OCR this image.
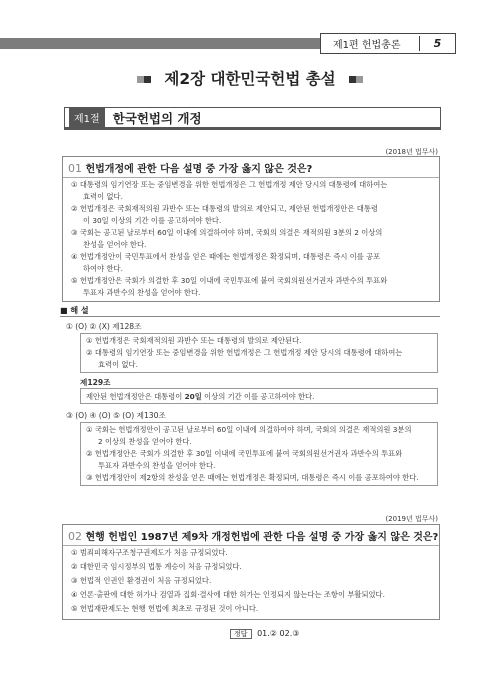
제1편 헌법총론	5
제2장 대한민국헌법 총설
제1절	한국헌법의 개정
(2018년 법무사)
01 헌법개정에 관한 다음 설명 중 가장 옳지 않은 것은?
① 대통령의 임기연장 또는 중임변경을 위한 헌법개정은 그 헌법개정 제안 당시의 대통령에 대하여는
효력이 없다.
② 헌법개정은 국회재적의원 과반수 또는 대통령의 발의로 제안되고, 제안된 헌법개정안은 대통령
이 30일 이상의 기간 이를 공고하여야 한다.
③ 국회는 공고된 날로부터 60일 이내에 의결하여야 하며, 국회의 의결은 재적의원 3분의 2 이상의
찬성을 얻어야 한다.
④ 헌법개정안이 국민투표에서 찬성을 얻은 때에는 헌법개정은 확정되며, 대통령은 즉시 이를 공포
하여야 한다.
⑤ 헌법개정안은 국회가 의결한 후 30일 이내에 국민투표에 붙여 국회의원선거권자 과반수의 투표와
투표자 과반수의 찬성을 얻어야 한다.
■ 해 설
① (O) ② (X) 제128조
① 헌법개정은 국회재적의원 과반수 또는 대통령의 발의로 제안된다.
② 대통령의 임기연장 또는 중임변경을 위한 헌법개정은 그 헌법개정 제안 당시의 대통령에 대하여는
효력이 없다.
제129조
제안된 헌법개정안은 대통령이 20일 이상의 기간 이를 공고하여야 한다.
③ (O) ④ (O) ⑤ (O) 제130조
① 국회는 헌법개정안이 공고된 날로부터 60일 이내에 의결하여야 하며, 국회의 의결은 재적의원 3분의
2 이상의 찬성을 얻어야 한다.
② 헌법개정안은 국회가 의결한 후 30일 이내에 국민투표에 붙여 국회의원선거권자 과반수의 투표와
투표자 과반수의 찬성을 얻어야 한다.
③ 헌법개정안이 제2항의 찬성을 얻은 때에는 헌법개정은 확정되며, 대통령은 즉시 이를 공포하여야 한다.
(2019년 법무사)
02 현행 헌법인 1987년 제9차 개정헌법에 관한 다음 설명 중 가장 옳지 않은 것은?
① 범죄피해자구조청구권제도가 처음 규정되었다.
② 대한민국 임시정부의 법통 계승이 처음 규정되었다.
③ 헌법적 인권인 환경권이 처음 규정되었다.
④ 언론·출판에 대한 허가나 검열과 집회·결사에 대한 허가는 인정되지 않는다는 조항이 부활되었다.
⑤ 헌법재판제도는 현행 헌법에 최초로 규정된 것이 아니다.
정답 01.② 02.③
